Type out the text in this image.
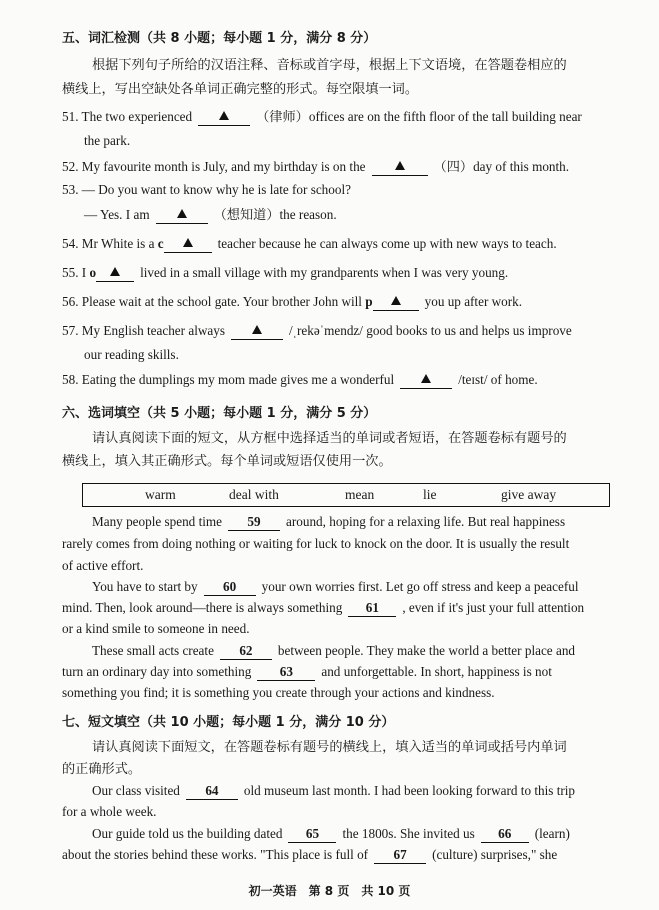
五、词汇检测（共 8 小题；每小题 1 分，满分 8 分）
根据下列句子所给的汉语注释、音标或首字母，根据上下文语境，在答题卷相应的
横线上，写出空缺处各单词正确完整的形式。每空限填一词。
51. The two experienced	（律师）offices are on the fifth floor of the tall building near
the park.
52. My favourite month is July, and my birthday is on the	（四）day of this month.
53. — Do you want to know why he is late for school?
— Yes. I am	（想知道）the reason.
54. Mr White is a c	teacher because he can always come up with new ways to teach.
55. I o	lived in a small village with my grandparents when I was very young.
56. Please wait at the school gate. Your brother John will p	you up after work.
57. My English teacher always	/ˌrekəˈmendz/ good books to us and helps us improve
our reading skills.
58. Eating the dumplings my mom made gives me a wonderful	/teɪst/ of home.
六、选词填空（共 5 小题；每小题 1 分，满分 5 分）
请认真阅读下面的短文，从方框中选择适当的单词或者短语，在答题卷标有题号的
横线上，填入其正确形式。每个单词或短语仅使用一次。
warm	deal with	mean	lie	give away
Many people spend time 59 around, hoping for a relaxing life. But real happiness
rarely comes from doing nothing or waiting for luck to knock on the door. It is usually the result
of active effort.
You have to start by 60 your own worries first. Let go off stress and keep a peaceful
mind. Then, look around—there is always something 61 , even if it's just your full attention
or a kind smile to someone in need.
These small acts create 62 between people. They make the world a better place and
turn an ordinary day into something 63 and unforgettable. In short, happiness is not
something you find; it is something you create through your actions and kindness.
七、短文填空（共 10 小题；每小题 1 分，满分 10 分）
请认真阅读下面短文，在答题卷标有题号的横线上，填入适当的单词或括号内单词
的正确形式。
Our class visited 64 old museum last month. I had been looking forward to this trip
for a whole week.
Our guide told us the building dated 65 the 1800s. She invited us 66 (learn)
about the stories behind these works. "This place is full of 67 (culture) surprises," she
初一英语　第 8 页　共 10 页
